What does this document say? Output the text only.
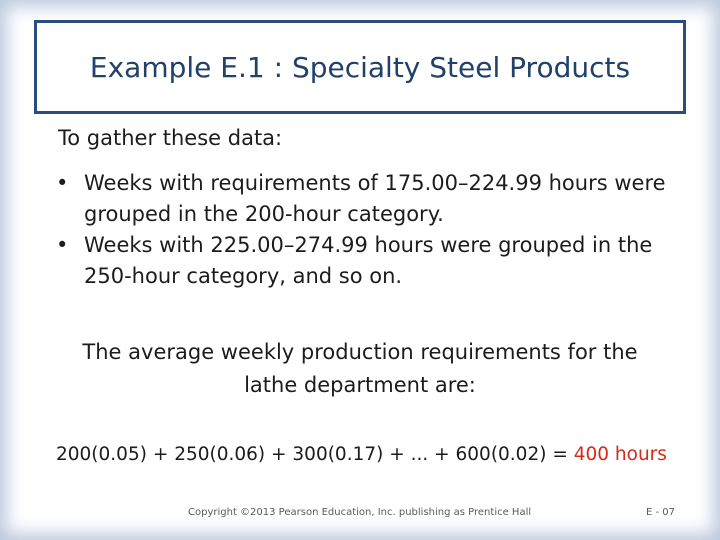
Example E.1 : Specialty Steel Products

To gather these data:

• Weeks with requirements of 175.00–224.99 hours were grouped in the 200-hour category.
• Weeks with 225.00–274.99 hours were grouped in the 250-hour category, and so on.

The average weekly production requirements for the
lathe department are:

200(0.05) + 250(0.06) + 300(0.17) + ... + 600(0.02) = 400 hours

Copyright ©2013 Pearson Education, Inc. publishing as Prentice Hall	E - 07
